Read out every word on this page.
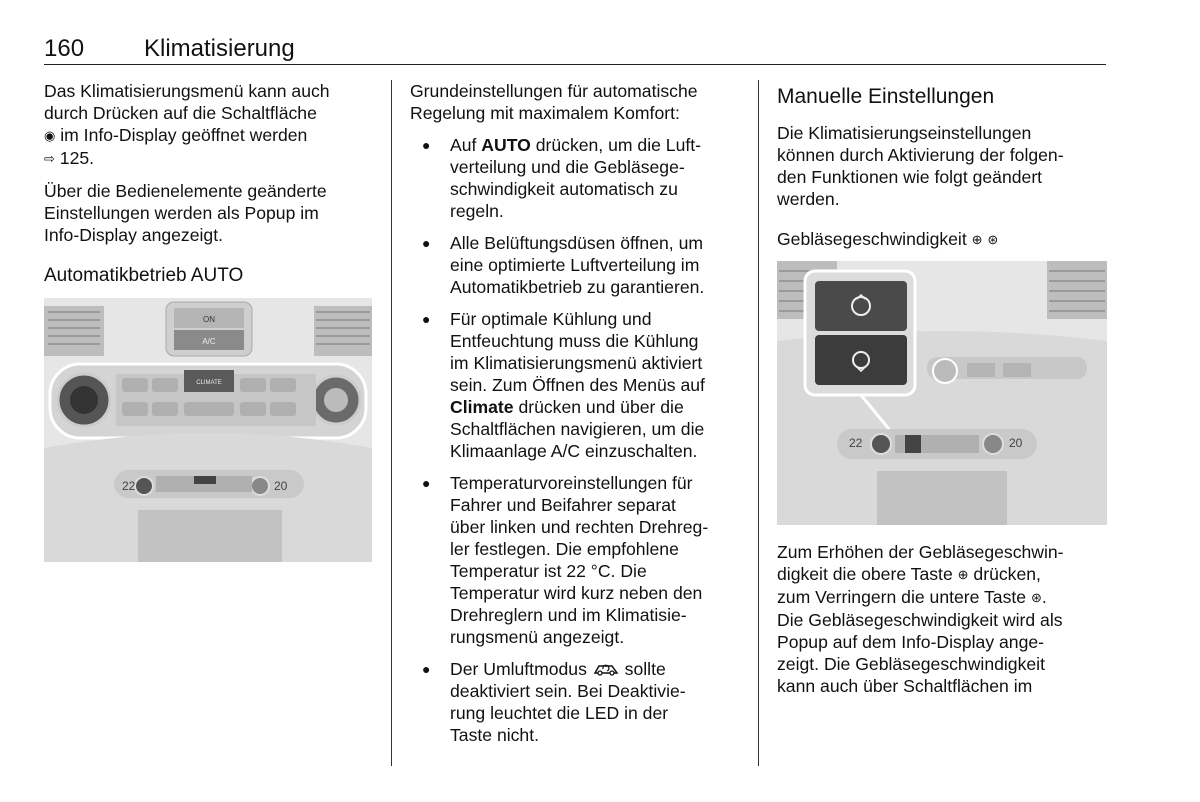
160 Klimatisierung

Das Klimatisierungsmenü kann auch
durch Drücken auf die Schaltfläche
◉ im Info-Display geöffnet werden
⇨ 125.

Über die Bedienelemente geänderte
Einstellungen werden als Popup im
Info-Display angezeigt.

Automatikbetrieb AUTO
ON
A/C
CLIMATE
22	20

Grundeinstellungen für automatische
Regelung mit maximalem Komfort:

● Auf AUTO drücken, um die Luft-
verteilung und die Gebläsege-
schwindigkeit automatisch zu
regeln.
● Alle Belüftungsdüsen öffnen, um
eine optimierte Luftverteilung im
Automatikbetrieb zu garantieren.
● Für optimale Kühlung und
Entfeuchtung muss die Kühlung
im Klimatisierungsmenü aktiviert
sein. Zum Öffnen des Menüs auf
Climate drücken und über die
Schaltflächen navigieren, um die
Klimaanlage A/C einzuschalten.
● Temperaturvoreinstellungen für
Fahrer und Beifahrer separat
über linken und rechten Drehreg-
ler festlegen. Die empfohlene
Temperatur ist 22 °C. Die
Temperatur wird kurz neben den
Drehreglern und im Klimatisie-
rungsmenü angezeigt.
● Der Umluftmodus sollte
deaktiviert sein. Bei Deaktivie-
rung leuchtet die LED in der
Taste nicht.
Manuelle Einstellungen

Die Klimatisierungseinstellungen
können durch Aktivierung der folgen-
den Funktionen wie folgt geändert
werden.

Gebläsegeschwindigkeit ⊕ ⊛
22	20

Zum Erhöhen der Gebläsegeschwin-
digkeit die obere Taste ⊕ drücken,
zum Verringern die untere Taste ⊛.
Die Gebläsegeschwindigkeit wird als
Popup auf dem Info-Display ange-
zeigt. Die Gebläsegeschwindigkeit
kann auch über Schaltflächen im
